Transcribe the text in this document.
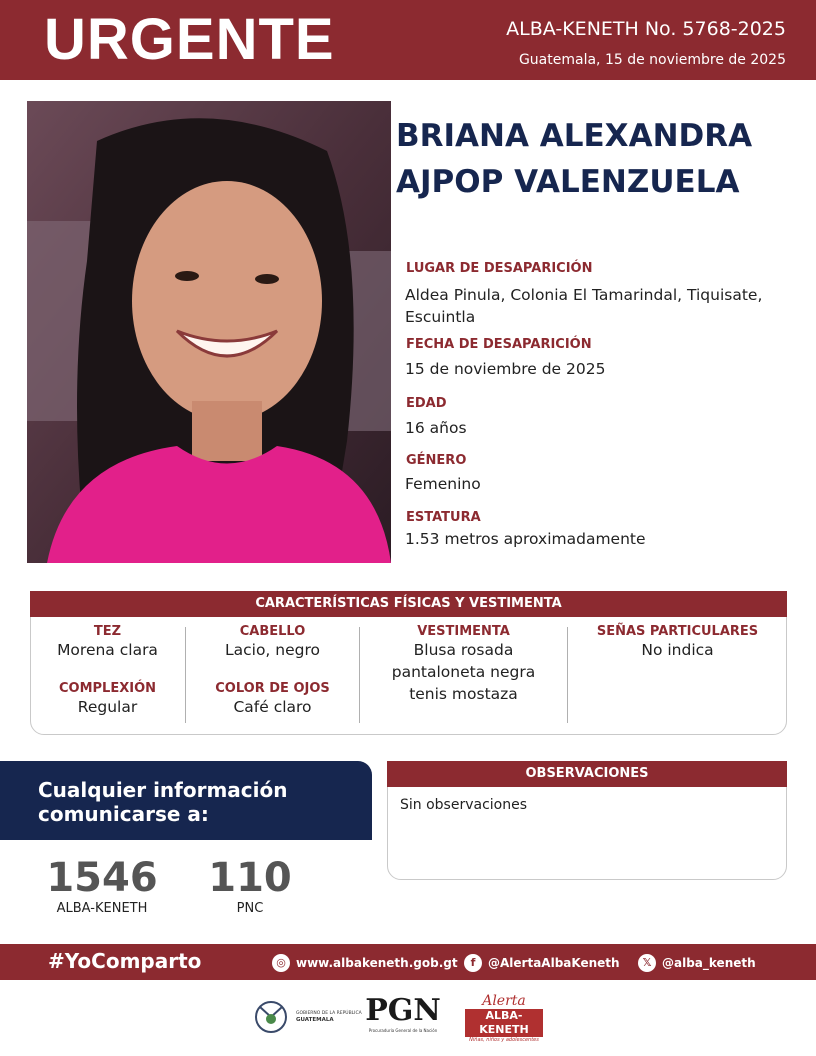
URGENTE	ALBA-KENETH No. 5768-2025
Guatemala, 15 de noviembre de 2025
BRIANA ALEXANDRA
AJPOP VALENZUELA
LUGAR DE DESAPARICIÓN
Aldea Pinula, Colonia El Tamarindal, Tiquisate,
Escuintla
FECHA DE DESAPARICIÓN
15 de noviembre de 2025
EDAD
16 años
GÉNERO
Femenino
ESTATURA
1.53 metros aproximadamente
CARACTERÍSTICAS FÍSICAS Y VESTIMENTA
TEZ
Morena clara
COMPLEXIÓN
Regular
CABELLO
Lacio, negro
COLOR DE OJOS
Café claro
VESTIMENTA
Blusa rosada
pantaloneta negra
tenis mostaza
SEÑAS PARTICULARES
No indica
Cualquier información
comunicarse a:
1546
ALBA-KENETH
110
PNC
OBSERVACIONES
Sin observaciones
#YoComparto	◎ www.albakeneth.gob.gt	f	@AlertaAlbaKeneth	𝕏 @alba_keneth
GOBIERNO DE LA REPÚBLICA
GUATEMALA	PGN
Procuraduría General de la Nación
Alerta
ALBA-KENETH
Niñas, niños y adolescentes
